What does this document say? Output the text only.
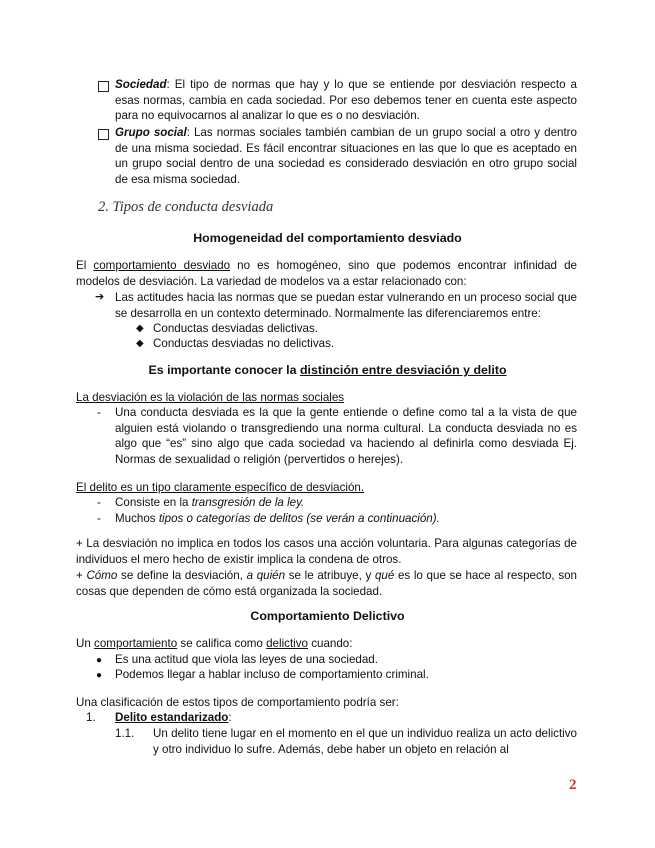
Sociedad: El tipo de normas que hay y lo que se entiende por desviación respecto a esas normas, cambia en cada sociedad. Por eso debemos tener en cuenta este aspecto para no equivocarnos al analizar lo que es o no desviación.
Grupo social: Las normas sociales también cambian de un grupo social a otro y dentro de una misma sociedad. Es fácil encontrar situaciones en las que lo que es aceptado en un grupo social dentro de una sociedad es considerado desviación en otro grupo social de esa misma sociedad.
2. Tipos de conducta desviada
Homogeneidad del comportamiento desviado
El comportamiento desviado no es homogéneo, sino que podemos encontrar infinidad de modelos de desviación. La variedad de modelos va a estar relacionado con:
➔ Las actitudes hacia las normas que se puedan estar vulnerando en un proceso social que se desarrolla en un contexto determinado. Normalmente las diferenciaremos entre:
◆ Conductas desviadas delictivas.
◆ Conductas desviadas no delictivas.
Es importante conocer la distinción entre desviación y delito
La desviación es la violación de las normas sociales
- Una conducta desviada es la que la gente entiende o define como tal a la vista de que alguien está violando o transgrediendo una norma cultural. La conducta desviada no es algo que “es” sino algo que cada sociedad va haciendo al definirla como desviada Ej. Normas de sexualidad o religión (pervertidos o herejes).
El delito es un tipo claramente específico de desviación.
- Consiste en la transgresión de la ley.
- Muchos tipos o categorías de delitos (se verán a continuación).
+ La desviación no implica en todos los casos una acción voluntaria. Para algunas categorías de individuos el mero hecho de existir implica la condena de otros.
+ Cómo se define la desviación, a quién se le atribuye, y qué es lo que se hace al respecto, son cosas que dependen de cómo está organizada la sociedad.
Comportamiento Delictivo
Un comportamiento se califica como delictivo cuando:
● Es una actitud que viola las leyes de una sociedad.
● Podemos llegar a hablar incluso de comportamiento criminal.
Una clasificación de estos tipos de comportamiento podría ser:
1. Delito estandarizado:
1.1. Un delito tiene lugar en el momento en el que un individuo realiza un acto delictivo y otro individuo lo sufre. Además, debe haber un objeto en relación al
2
